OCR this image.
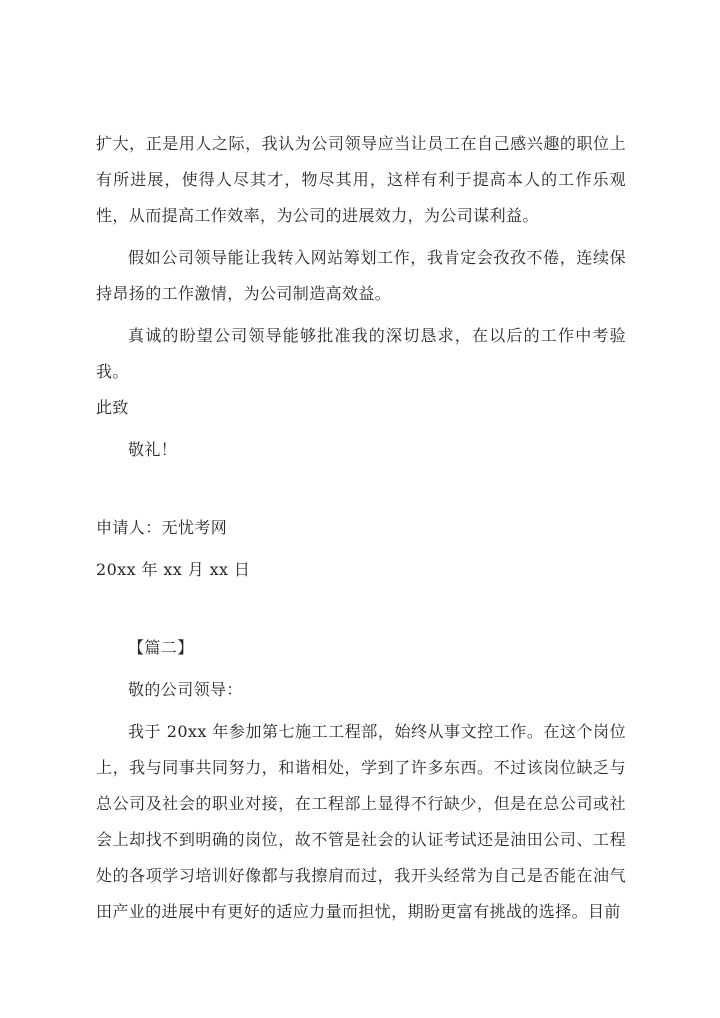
扩大，正是用人之际，我认为公司领导应当让员工在自己感兴趣的职位上有所进展，使得人尽其才，物尽其用，这样有利于提高本人的工作乐观性，从而提高工作效率，为公司的进展效力，为公司谋利益。

假如公司领导能让我转入网站筹划工作，我肯定会孜孜不倦，连续保持昂扬的工作激情，为公司制造高效益。

真诚的盼望公司领导能够批准我的深切恳求，在以后的工作中考验我。

此致

敬礼！

申请人：无忧考网

20xx 年 xx 月 xx 日

【篇二】

敬的公司领导：

我于 20xx 年参加第七施工工程部，始终从事文控工作。在这个岗位上，我与同事共同努力，和谐相处，学到了许多东西。不过该岗位缺乏与总公司及社会的职业对接，在工程部上显得不行缺少，但是在总公司或社会上却找不到明确的岗位，故不管是社会的认证考试还是油田公司、工程处的各项学习培训好像都与我擦肩而过，我开头经常为自己是否能在油气田产业的进展中有更好的适应力量而担忧，期盼更富有挑战的选择。目前
